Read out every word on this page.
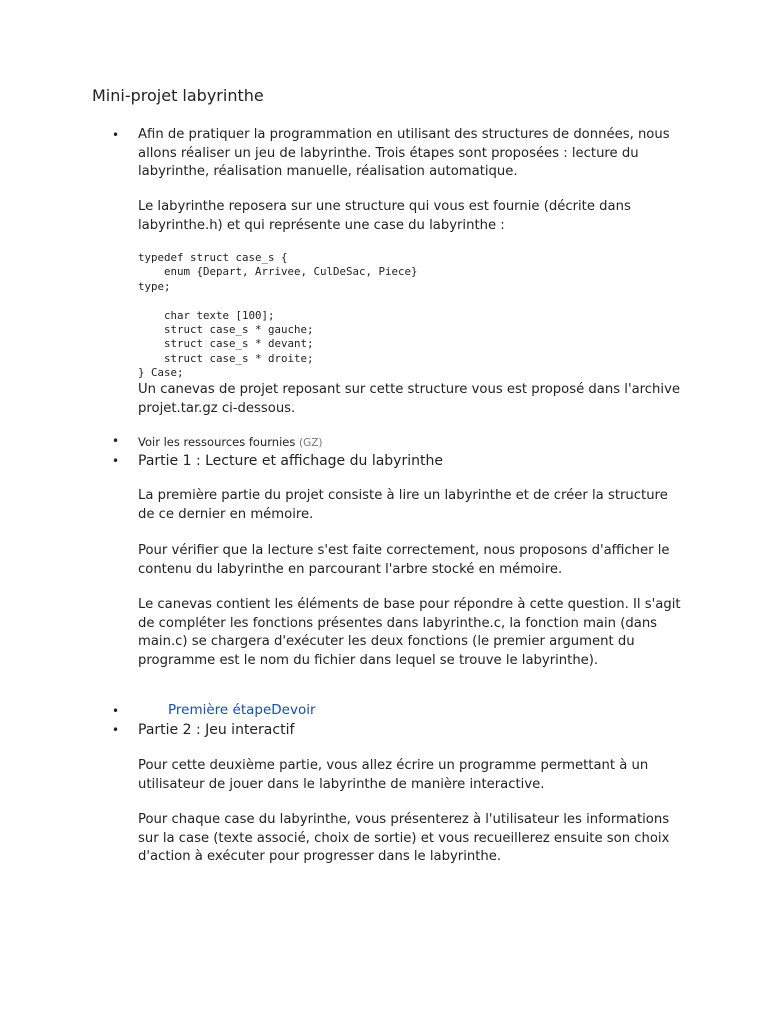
Mini-projet labyrinthe
• Afin de pratiquer la programmation en utilisant des structures de données, nous allons réaliser un jeu de labyrinthe. Trois étapes sont proposées : lecture du labyrinthe, réalisation manuelle, réalisation automatique.

Le labyrinthe reposera sur une structure qui vous est fournie (décrite dans labyrinthe.h) et qui représente une case du labyrinthe :

typedef struct case_s {
enum {Depart, Arrivee, CulDeSac, Piece}
type;

char texte [100];
struct case_s * gauche;
struct case_s * devant;
struct case_s * droite;
} Case;

Un canevas de projet reposant sur cette structure vous est proposé dans l'archive projet.tar.gz ci-dessous.

• Voir les ressources fournies (GZ)
• Partie 1 : Lecture et affichage du labyrinthe

La première partie du projet consiste à lire un labyrinthe et de créer la structure de ce dernier en mémoire.

Pour vérifier que la lecture s'est faite correctement, nous proposons d'afficher le contenu du labyrinthe en parcourant l'arbre stocké en mémoire.

Le canevas contient les éléments de base pour répondre à cette question. Il s'agit de compléter les fonctions présentes dans labyrinthe.c, la fonction main (dans main.c) se chargera d'exécuter les deux fonctions (le premier argument du programme est le nom du fichier dans lequel se trouve le labyrinthe).

•	Première étapeDevoir
• Partie 2 : Jeu interactif

Pour cette deuxième partie, vous allez écrire un programme permettant à un utilisateur de jouer dans le labyrinthe de manière interactive.

Pour chaque case du labyrinthe, vous présenterez à l'utilisateur les informations sur la case (texte associé, choix de sortie) et vous recueillerez ensuite son choix d'action à exécuter pour progresser dans le labyrinthe.
